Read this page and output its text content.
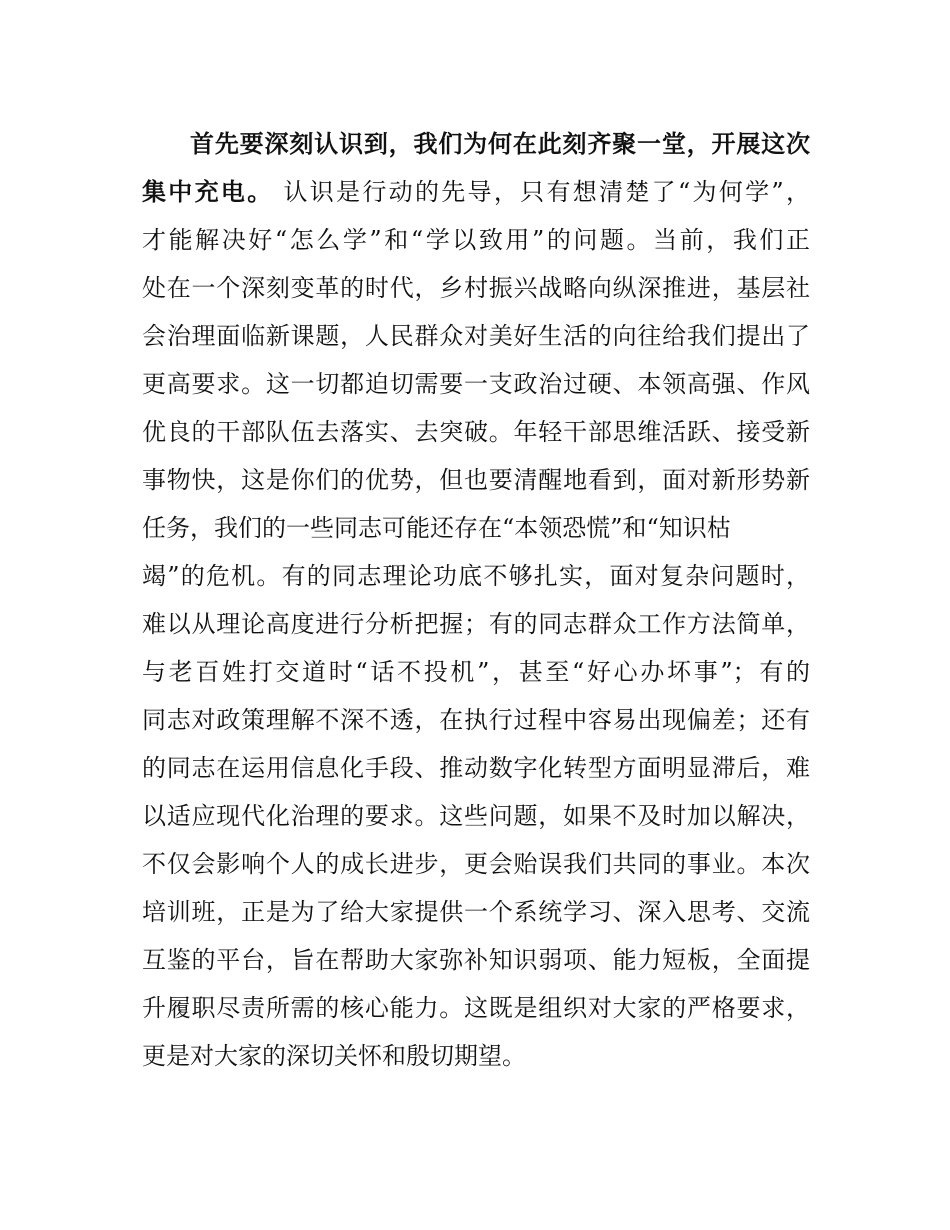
首先要深刻认识到，我们为何在此刻齐聚一堂，开展这次
集中充电。 认识是行动的先导，只有想清楚了“为何学”，
才能解决好“怎么学”和“学以致用”的问题。当前，我们正
处在一个深刻变革的时代，乡村振兴战略向纵深推进，基层社
会治理面临新课题，人民群众对美好生活的向往给我们提出了
更高要求。这一切都迫切需要一支政治过硬、本领高强、作风
优良的干部队伍去落实、去突破。年轻干部思维活跃、接受新
事物快，这是你们的优势，但也要清醒地看到，面对新形势新
任务，我们的一些同志可能还存在“本领恐慌”和“知识枯
竭”的危机。有的同志理论功底不够扎实，面对复杂问题时，
难以从理论高度进行分析把握；有的同志群众工作方法简单，
与老百姓打交道时“话不投机”，甚至“好心办坏事”；有的
同志对政策理解不深不透，在执行过程中容易出现偏差；还有
的同志在运用信息化手段、推动数字化转型方面明显滞后，难
以适应现代化治理的要求。这些问题，如果不及时加以解决，
不仅会影响个人的成长进步，更会贻误我们共同的事业。本次
培训班，正是为了给大家提供一个系统学习、深入思考、交流
互鉴的平台，旨在帮助大家弥补知识弱项、能力短板，全面提
升履职尽责所需的核心能力。这既是组织对大家的严格要求，
更是对大家的深切关怀和殷切期望。
